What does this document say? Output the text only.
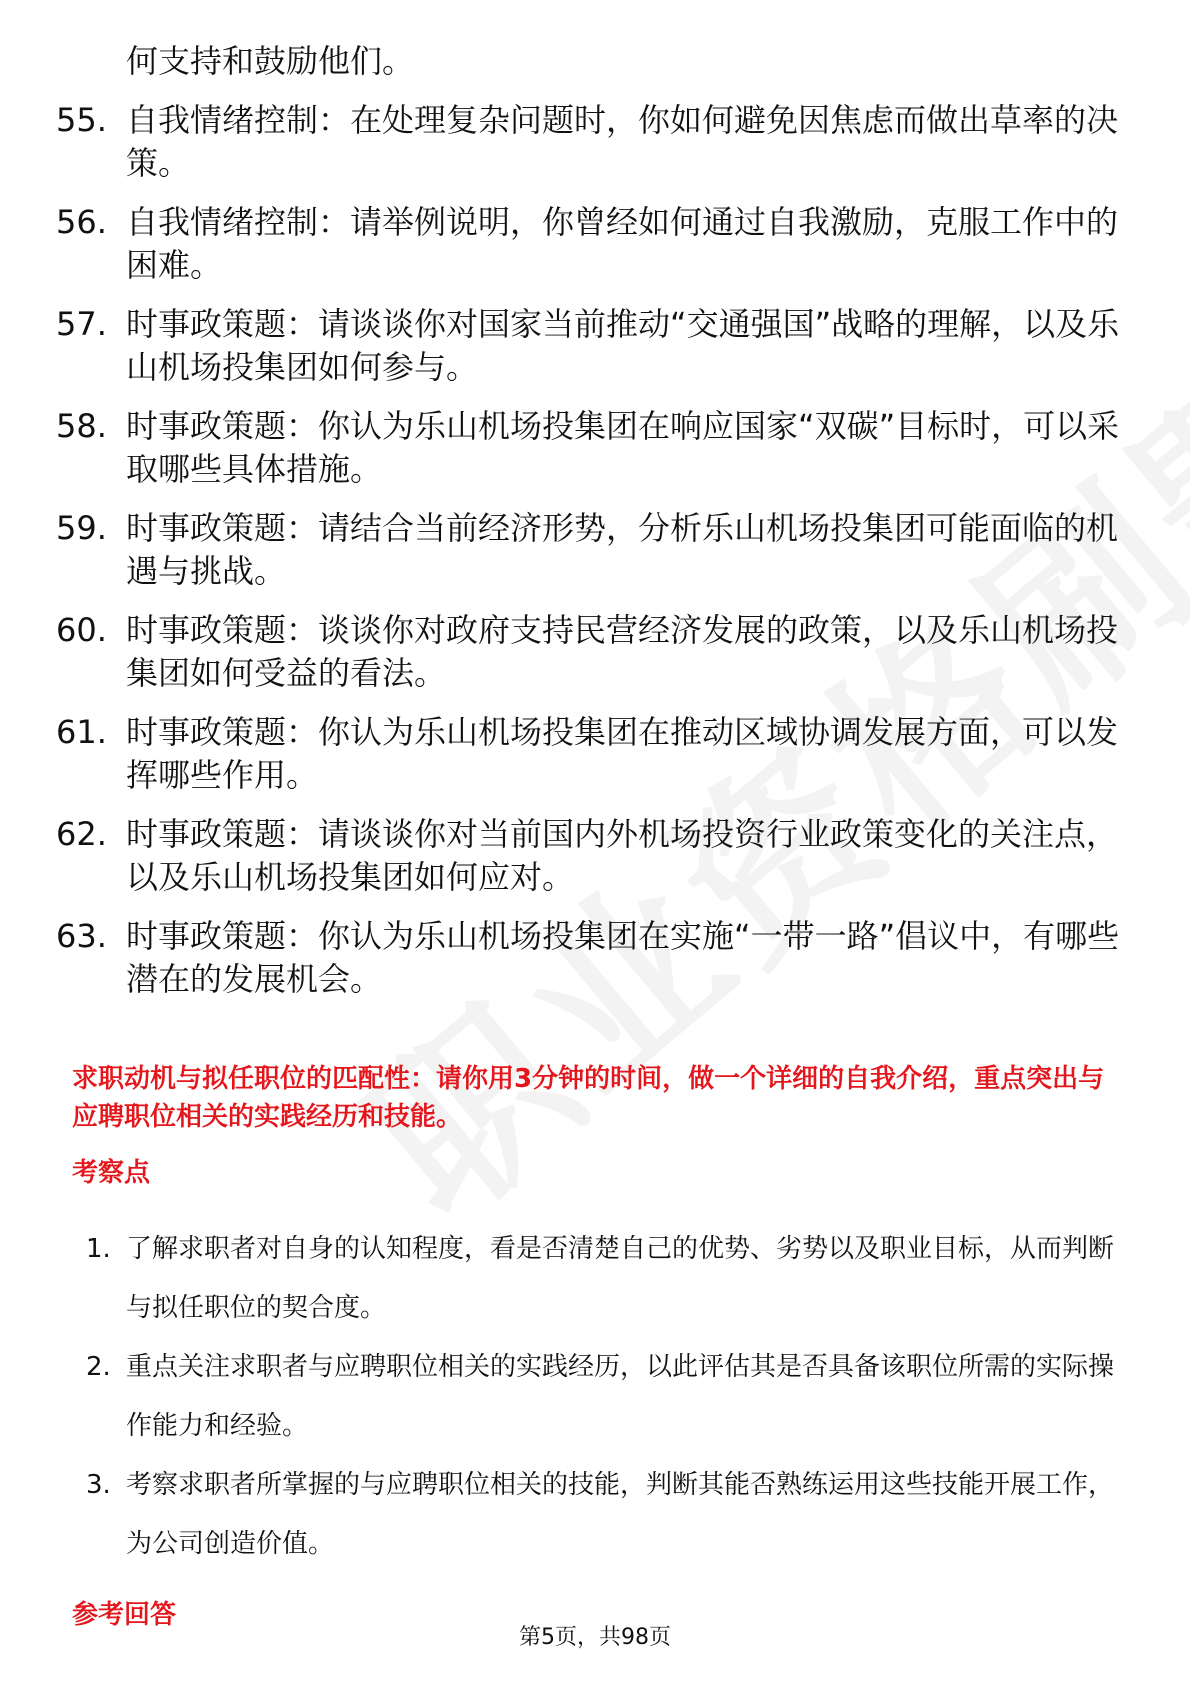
何支持和鼓励他们。
55. 自我情绪控制：在处理复杂问题时，你如何避免因焦虑而做出草率的决策。
56. 自我情绪控制：请举例说明，你曾经如何通过自我激励，克服工作中的困难。
57. 时事政策题：请谈谈你对国家当前推动“交通强国”战略的理解，以及乐山机场投集团如何参与。
58. 时事政策题：你认为乐山机场投集团在响应国家“双碳”目标时，可以采取哪些具体措施。
59. 时事政策题：请结合当前经济形势，分析乐山机场投集团可能面临的机遇与挑战。
60. 时事政策题：谈谈你对政府支持民营经济发展的政策，以及乐山机场投集团如何受益的看法。
61. 时事政策题：你认为乐山机场投集团在推动区域协调发展方面，可以发挥哪些作用。
62. 时事政策题：请谈谈你对当前国内外机场投资行业政策变化的关注点，以及乐山机场投集团如何应对。
63. 时事政策题：你认为乐山机场投集团在实施“一带一路”倡议中，有哪些潜在的发展机会。
求职动机与拟任职位的匹配性：请你用3分钟的时间，做一个详细的自我介绍，重点突出与应聘职位相关的实践经历和技能。
考察点
1. 了解求职者对自身的认知程度，看是否清楚自己的优势、劣势以及职业目标，从而判断与拟任职位的契合度。
2. 重点关注求职者与应聘职位相关的实践经历，以此评估其是否具备该职位所需的实际操作能力和经验。
3. 考察求职者所掌握的与应聘职位相关的技能，判断其能否熟练运用这些技能开展工作，为公司创造价值。
参考回答
第5页，共98页
